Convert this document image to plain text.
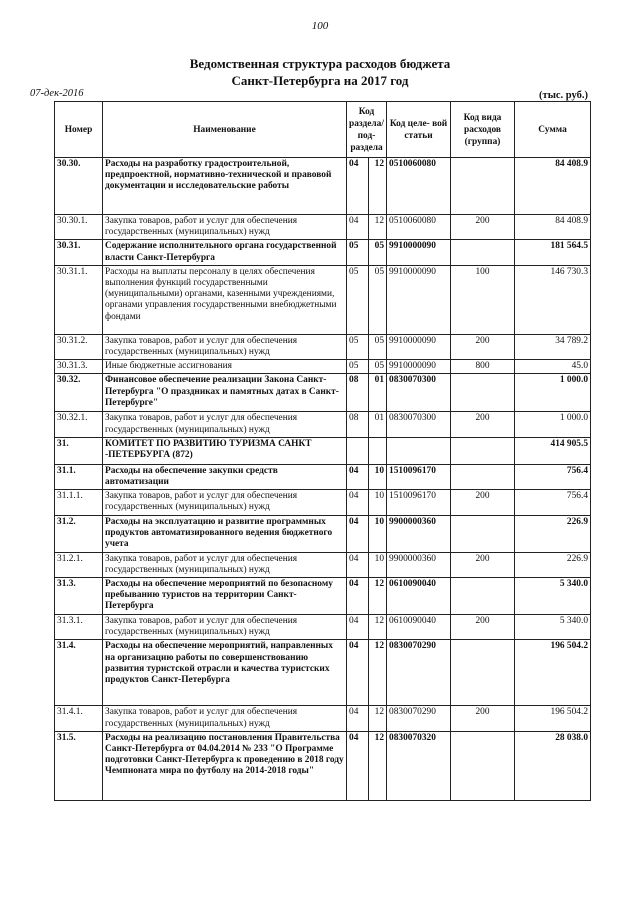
100
Ведомственная структура расходов бюджета
Санкт-Петербурга на 2017 год
07-дек-2016	(тыс. руб.)
Номер	Наименование	Код раздела/ под- раздела		Код целе- вой статьи	Код вида расходов (группа)	Сумма
30.30.	Расходы на разработку градостроительной, предпроектной, нормативно-технической и правовой документации и исследовательские работы	04	12	0510060080		84 408.9
30.30.1.	Закупка товаров, работ и услуг для обеспечения государственных (муниципальных) нужд	04	12	0510060080	200	84 408.9
30.31.	Содержание исполнительного органа государственной власти Санкт-Петербурга	05	05	9910000090		181 564.5
30.31.1.	Расходы на выплаты персоналу в целях обеспечения выполнения функций государственными (муниципальными) органами, казенными учреждениями, органами управления государственными внебюджетными фондами	05	05	9910000090	100	146 730.3
30.31.2.	Закупка товаров, работ и услуг для обеспечения государственных (муниципальных) нужд	05	05	9910000090	200	34 789.2
30.31.3.	Иные бюджетные ассигнования	05	05	9910000090	800	45.0
30.32.	Финансовое обеспечение реализации Закона Санкт-Петербурга "О праздниках и памятных датах в Санкт-Петербурге"	08	01	0830070300		1 000.0
30.32.1.	Закупка товаров, работ и услуг для обеспечения государственных (муниципальных) нужд	08	01	0830070300	200	1 000.0
31.	КОМИТЕТ ПО РАЗВИТИЮ ТУРИЗМА САНКТ -ПЕТЕРБУРГА (872)					414 905.5
31.1.	Расходы на обеспечение закупки средств автоматизации	04	10	1510096170		756.4
31.1.1.	Закупка товаров, работ и услуг для обеспечения государственных (муниципальных) нужд	04	10	1510096170	200	756.4
31.2.	Расходы на эксплуатацию и развитие программных продуктов автоматизированного ведения бюджетного учета	04	10	9900000360		226.9
31.2.1.	Закупка товаров, работ и услуг для обеспечения государственных (муниципальных) нужд	04	10	9900000360	200	226.9
31.3.	Расходы на обеспечение мероприятий по безопасному пребыванию туристов на территории Санкт-Петербурга	04	12	0610090040		5 340.0
31.3.1.	Закупка товаров, работ и услуг для обеспечения государственных (муниципальных) нужд	04	12	0610090040	200	5 340.0
31.4.	Расходы на обеспечение мероприятий, направленных на организацию работы по совершенствованию развития туристской отрасли и качества туристских продуктов Санкт-Петербурга	04	12	0830070290		196 504.2
31.4.1.	Закупка товаров, работ и услуг для обеспечения государственных (муниципальных) нужд	04	12	0830070290	200	196 504.2
31.5.	Расходы на реализацию постановления Правительства Санкт-Петербурга от 04.04.2014 № 233 "О Программе подготовки Санкт-Петербурга к проведению в 2018 году Чемпионата мира по футболу на 2014-2018 годы"	04	12	0830070320		28 038.0
